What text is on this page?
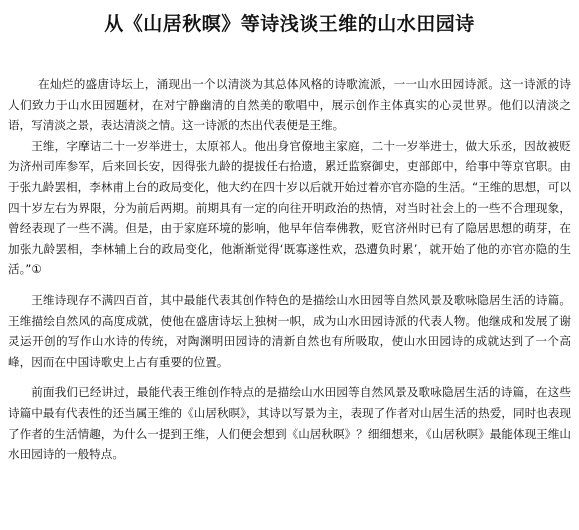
从《山居秋暝》等诗浅谈王维的山水田园诗

在灿烂的盛唐诗坛上，涌现出一个以清淡为其总体风格的诗歌流派，一一山水田园诗派。这一诗派的诗人们致力于山水田园题材，在对宁静幽清的自然美的歌唱中，展示创作主体真实的心灵世界。他们以清淡之语，写清淡之景，表达清淡之情。这一诗派的杰出代表便是王维。

王维，字摩诘二十一岁举进士，太原祁人。他出身官僚地主家庭，二十一岁举进士，做大乐丞，因故被贬为济州司库参军，后来回长安，因得张九龄的提拔任右拾遗，累迁监察御史，吏部郎中，给事中等京官职。由于张九龄罢相，李林甫上台的政局变化，他大约在四十岁以后就开始过着亦官亦隐的生活。“王维的思想，可以四十岁左右为界限，分为前后两期。前期具有一定的向往开明政治的热情，对当时社会上的一些不合理现象，曾经表现了一些不满。但是，由于家庭环境的影响，他早年信奉佛教，贬官济州时已有了隐居思想的萌芽，在加张九龄罢相，李林辅上台的政局变化，他渐渐觉得‘既寡遂性欢，恐遭负时累’，就开始了他的亦官亦隐的生活。”①

王维诗现存不满四百首，其中最能代表其创作特色的是描绘山水田园等自然风景及歌咏隐居生活的诗篇。王维描绘自然风的高度成就，使他在盛唐诗坛上独树一帜，成为山水田园诗派的代表人物。他继成和发展了谢灵运开创的写作山水诗的传统，对陶渊明田园诗的清新自然也有所吸取，使山水田园诗的成就达到了一个高峰，因而在中国诗歌史上占有重要的位置。

前面我们已经讲过，最能代表王维创作特点的是描绘山水田园等自然风景及歌咏隐居生活的诗篇，在这些诗篇中最有代表性的还当属王维的《山居秋暝》，其诗以写景为主，表现了作者对山居生活的热爱，同时也表现了作者的生活情趣，为什么一提到王维，人们便会想到《山居秋暝》？细细想来，《山居秋暝》最能体现王维山水田园诗的一般特点。
